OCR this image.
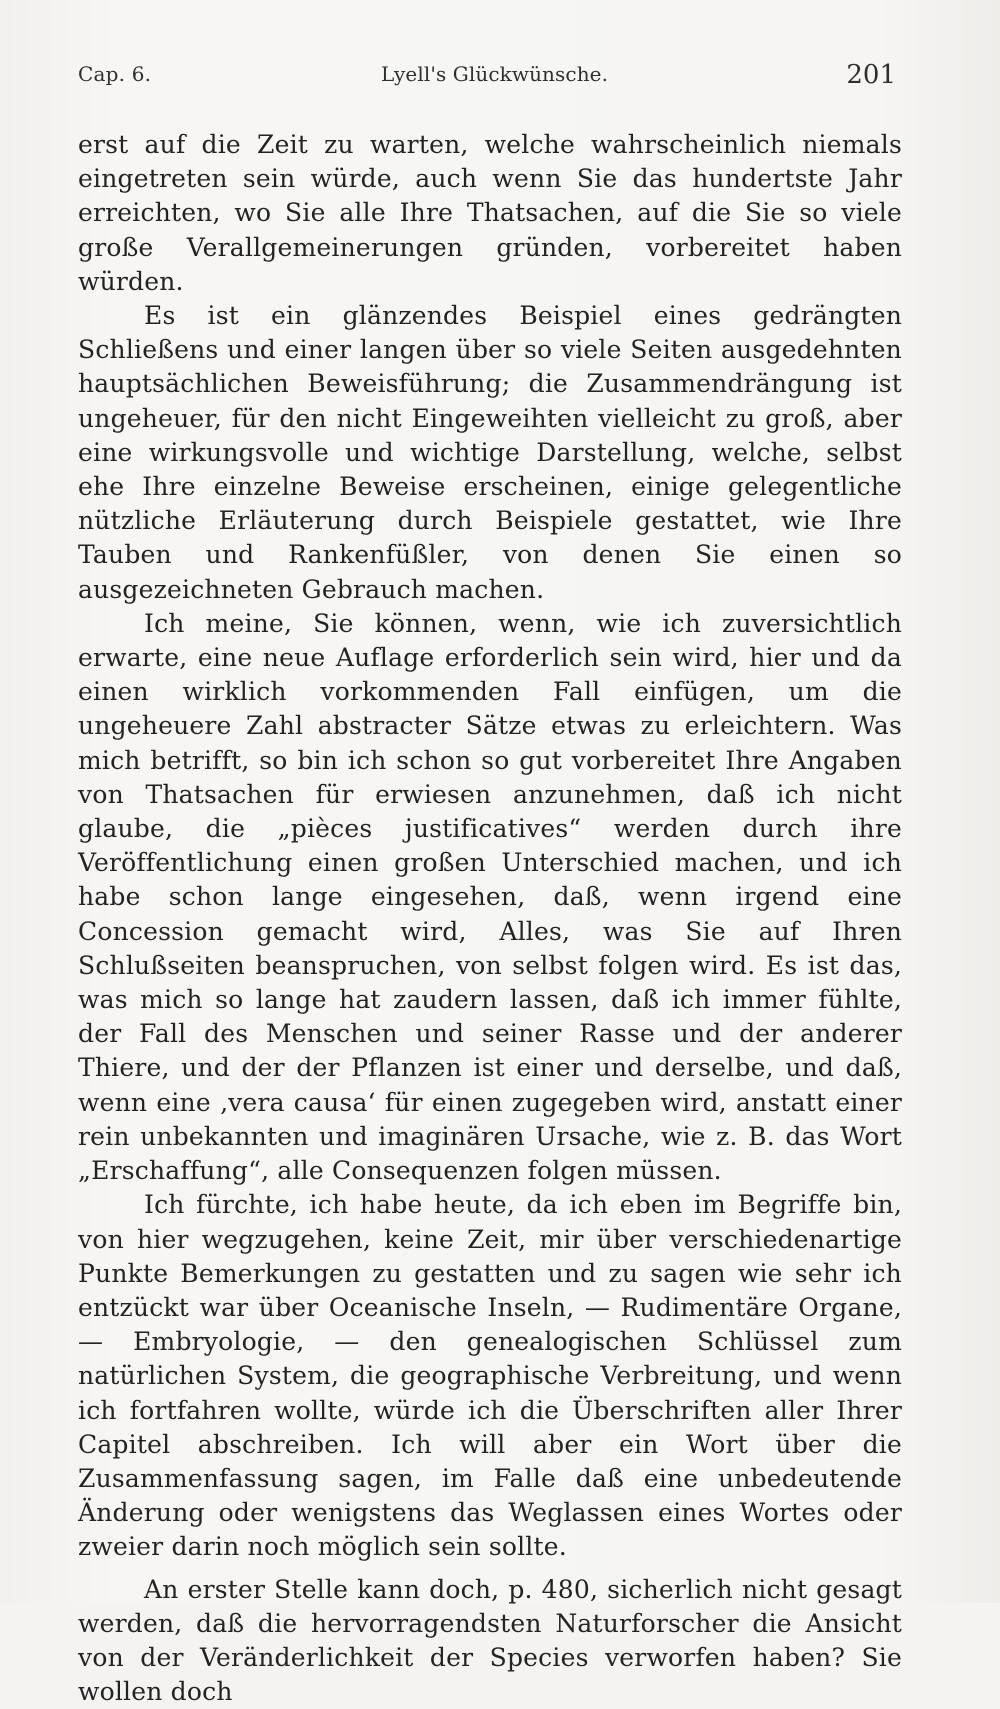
Cap. 6.	Lyell's Glückwünsche.	201

erst auf die Zeit zu warten, welche wahrscheinlich niemals eingetreten sein würde, auch wenn Sie das hundertste Jahr erreichten, wo Sie alle Ihre Thatsachen, auf die Sie so viele große Verallgemeinerungen gründen, vorbereitet haben würden.

Es ist ein glänzendes Beispiel eines gedrängten Schließens und einer langen über so viele Seiten ausgedehnten hauptsächlichen Beweisführung; die Zusammendrängung ist ungeheuer, für den nicht Eingeweihten vielleicht zu groß, aber eine wirkungsvolle und wichtige Darstellung, welche, selbst ehe Ihre einzelne Beweise erscheinen, einige gelegentliche nützliche Erläuterung durch Beispiele gestattet, wie Ihre Tauben und Rankenfüßler, von denen Sie einen so ausgezeichneten Gebrauch machen.

Ich meine, Sie können, wenn, wie ich zuversichtlich erwarte, eine neue Auflage erforderlich sein wird, hier und da einen wirklich vorkommenden Fall einfügen, um die ungeheuere Zahl abstracter Sätze etwas zu erleichtern. Was mich betrifft, so bin ich schon so gut vorbereitet Ihre Angaben von Thatsachen für erwiesen anzunehmen, daß ich nicht glaube, die „pièces justificatives“ werden durch ihre Veröffentlichung einen großen Unterschied machen, und ich habe schon lange eingesehen, daß, wenn irgend eine Concession gemacht wird, Alles, was Sie auf Ihren Schlußseiten beanspruchen, von selbst folgen wird. Es ist das, was mich so lange hat zaudern lassen, daß ich immer fühlte, der Fall des Menschen und seiner Rasse und der anderer Thiere, und der der Pflanzen ist einer und derselbe, und daß, wenn eine ‚vera causa‘ für einen zugegeben wird, anstatt einer rein unbekannten und imaginären Ursache, wie z. B. das Wort „Erschaffung“, alle Consequenzen folgen müssen.

Ich fürchte, ich habe heute, da ich eben im Begriffe bin, von hier wegzugehen, keine Zeit, mir über verschiedenartige Punkte Bemerkungen zu gestatten und zu sagen wie sehr ich entzückt war über Oceanische Inseln, — Rudimentäre Organe, — Embryologie, — den genealogischen Schlüssel zum natürlichen System, die geographische Verbreitung, und wenn ich fortfahren wollte, würde ich die Überschriften aller Ihrer Capitel abschreiben. Ich will aber ein Wort über die Zusammenfassung sagen, im Falle daß eine unbedeutende Änderung oder wenigstens das Weglassen eines Wortes oder zweier darin noch möglich sein sollte.

An erster Stelle kann doch, p. 480, sicherlich nicht gesagt werden, daß die hervorragendsten Naturforscher die Ansicht von der Veränderlichkeit der Species verworfen haben? Sie wollen doch
